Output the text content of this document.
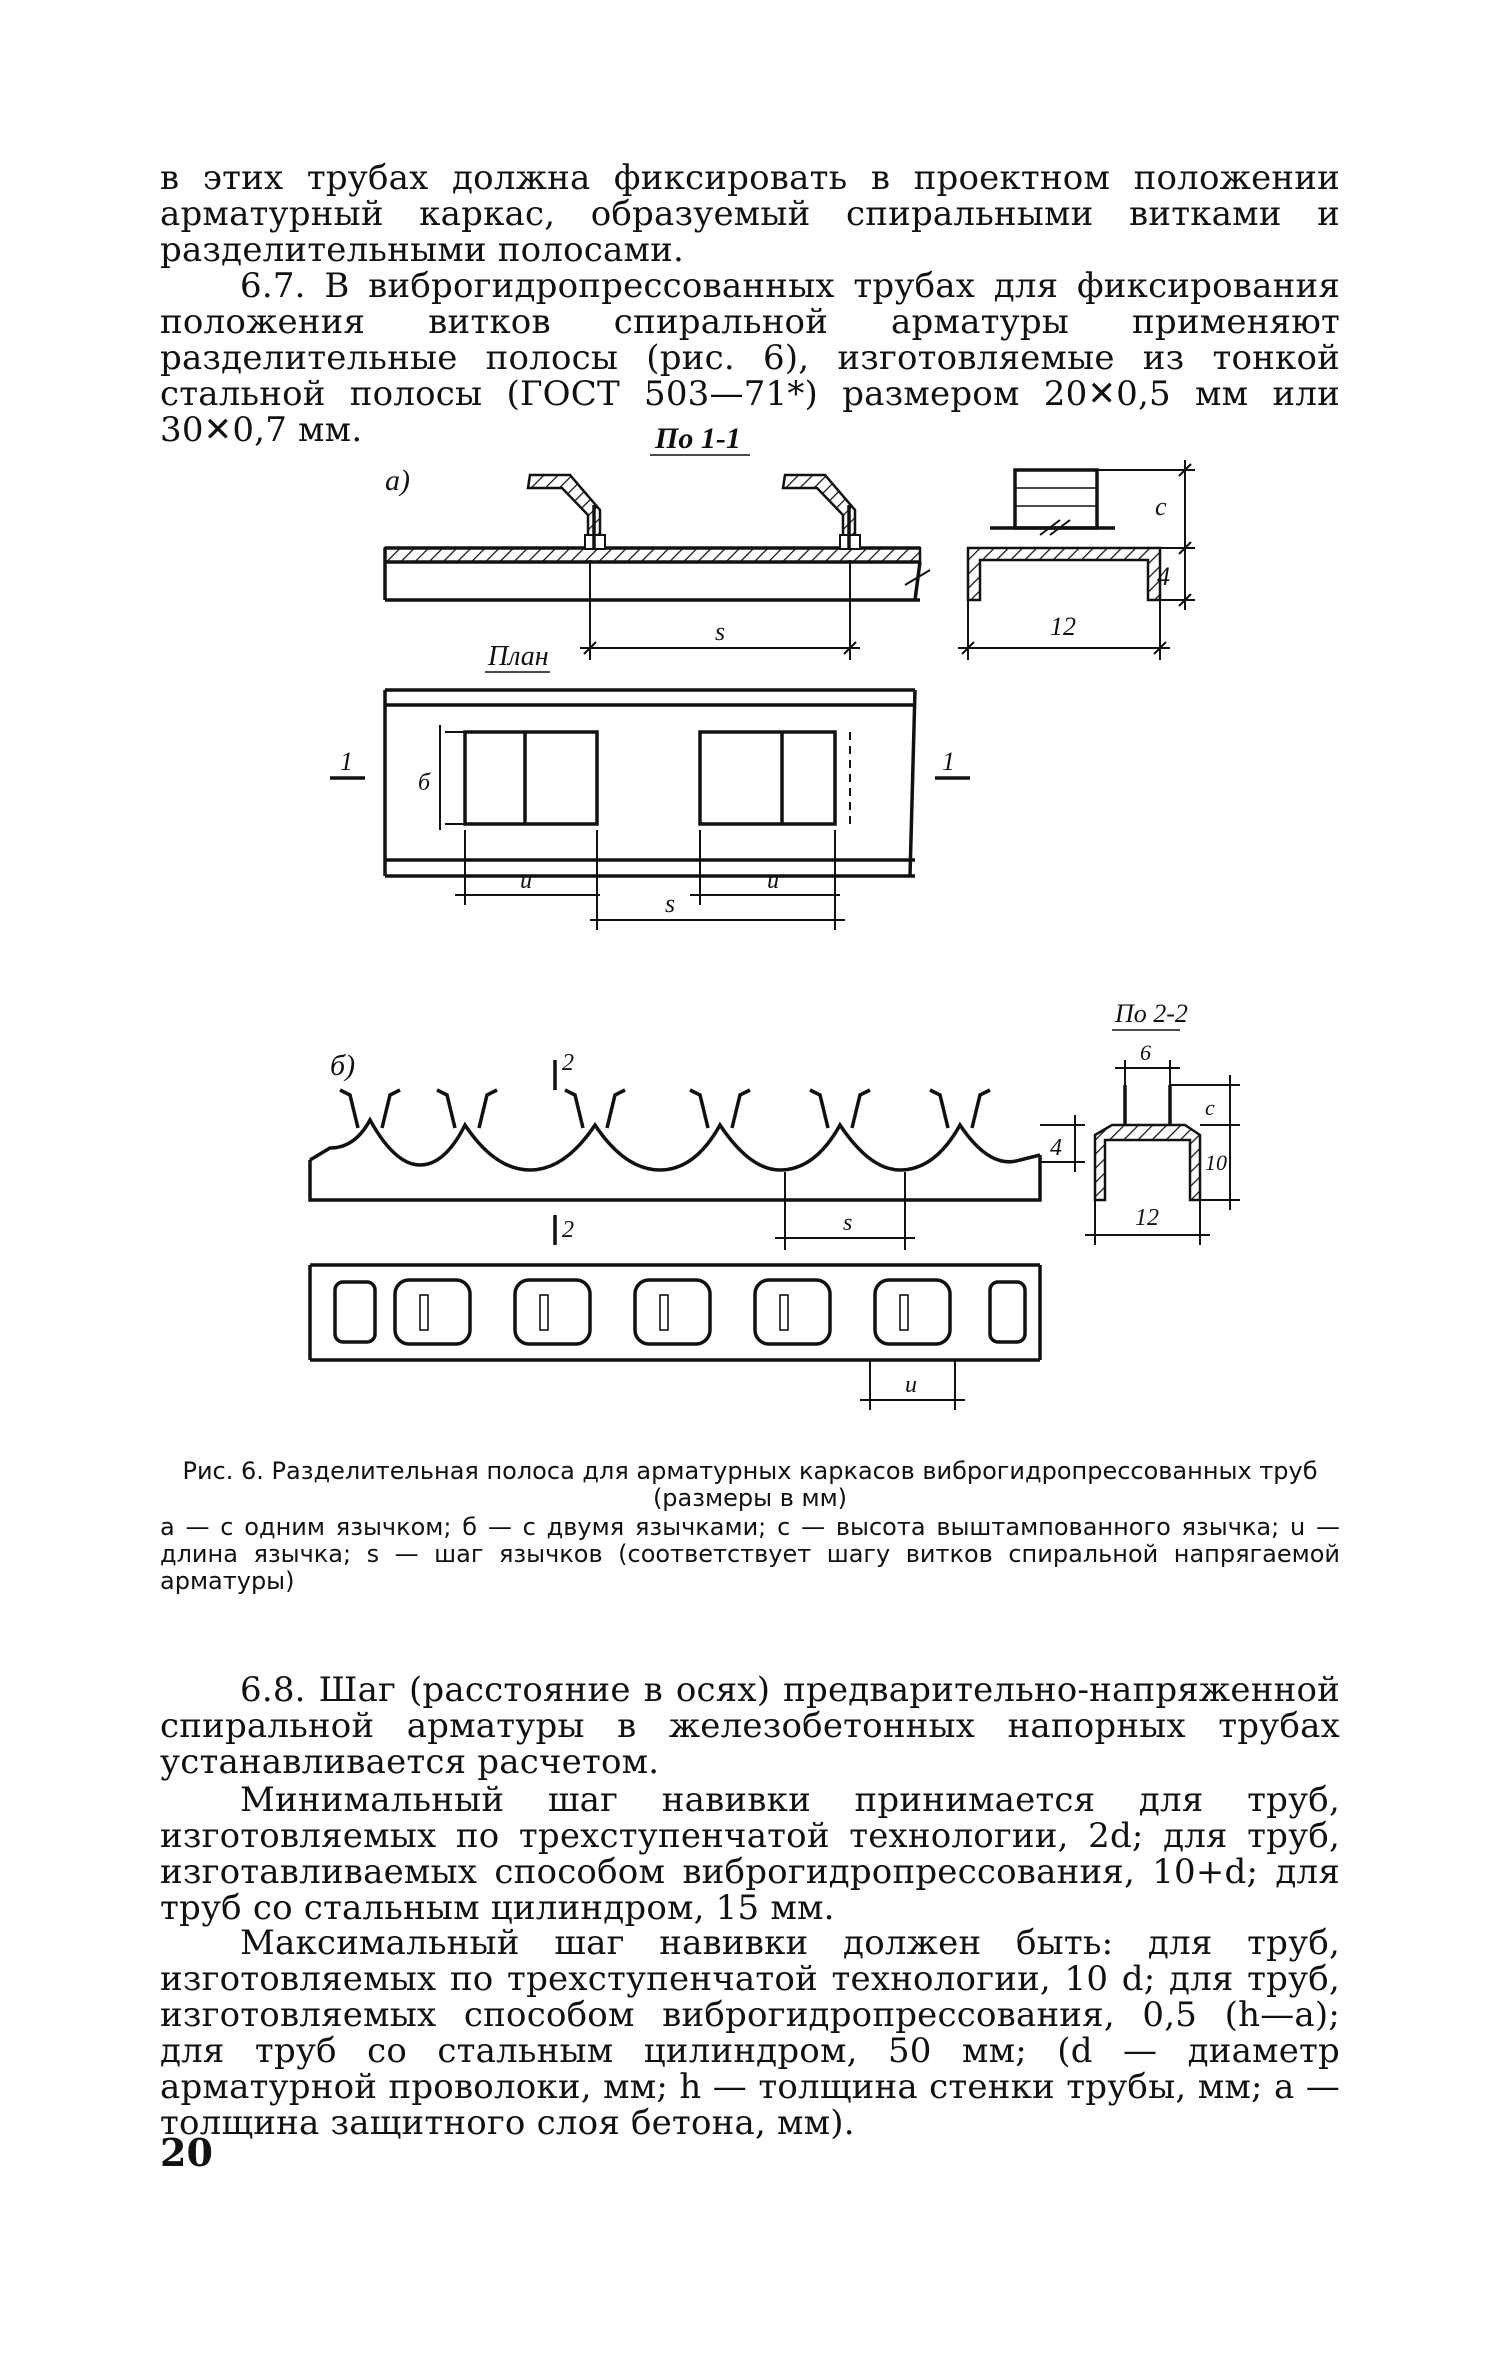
в этих трубах должна фиксировать в проектном положении арматурный каркас, образуемый спиральными витками и разделительными полосами.

6.7. В виброгидропрессованных трубах для фиксирования положения витков спиральной арматуры применяют разделительные полосы (рис. 6), изготовляемые из тонкой стальной полосы (ГОСТ 503—71*) размером 20✕0,5 мм или 30✕0,7 мм.

а)
По 1-1
s
c
4
12
План
б
1	1
u	u
s
б)	2
2
4
s
По 2-2
6
c
10
12
u

Рис. 6. Разделительная полоса для арматурных каркасов виброгидропрессованных труб (размеры в мм)

а — с одним язычком; б — с двумя язычками; с — высота выштампованного язычка; u — длина язычка; s — шаг язычков (соответствует шагу витков спиральной напрягаемой арматуры)

6.8. Шаг (расстояние в осях) предварительно-напряженной спиральной арматуры в железобетонных напорных трубах устанавливается расчетом.

Минимальный шаг навивки принимается для труб, изготовляемых по трехступенчатой технологии, 2d; для труб, изготавливаемых способом виброгидропрессования, 10+d; для труб со стальным цилиндром, 15 мм.

Максимальный шаг навивки должен быть: для труб, изготовляемых по трехступенчатой технологии, 10 d; для труб, изготовляемых способом виброгидропрессования, 0,5 (h—a); для труб со стальным цилиндром, 50 мм; (d — диаметр арматурной проволоки, мм; h — толщина стенки трубы, мм; a — толщина защитного слоя бетона, мм).

20
